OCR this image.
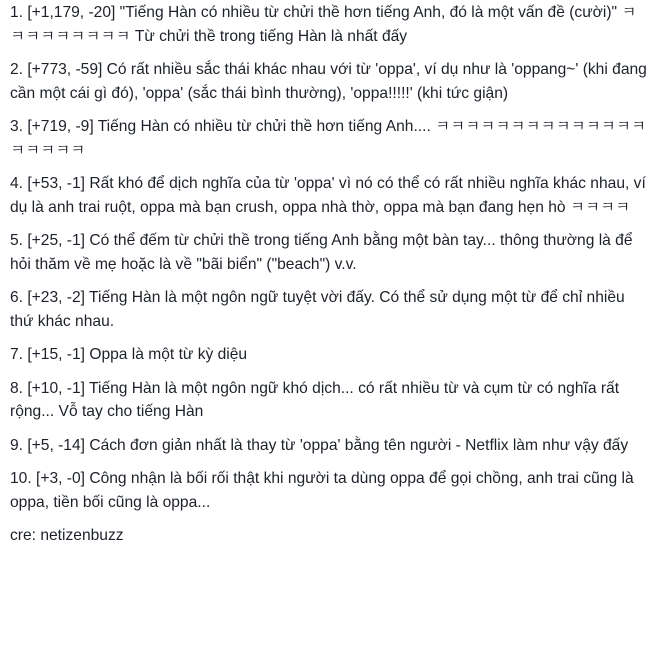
1. [+1,179, -20] "Tiếng Hàn có nhiều từ chửi thề hơn tiếng Anh, đó là một vấn đề (cười)" ㅋㅋㅋㅋㅋㅋㅋㅋㅋ Từ chửi thề trong tiếng Hàn là nhất đấy

2. [+773, -59] Có rất nhiều sắc thái khác nhau với từ 'oppa', ví dụ như là 'oppang~' (khi đang cần một cái gì đó), 'oppa' (sắc thái bình thường), 'oppa!!!!!' (khi tức giận)

3. [+719, -9] Tiếng Hàn có nhiều từ chửi thề hơn tiếng Anh.... ㅋㅋㅋㅋㅋㅋㅋㅋㅋㅋㅋㅋㅋㅋㅋㅋㅋㅋㅋ

4. [+53, -1] Rất khó để dịch nghĩa của từ 'oppa' vì nó có thể có rất nhiều nghĩa khác nhau, ví dụ là anh trai ruột, oppa mà bạn crush, oppa nhà thờ, oppa mà bạn đang hẹn hò ㅋㅋㅋㅋ

5. [+25, -1] Có thể đếm từ chửi thề trong tiếng Anh bằng một bàn tay... thông thường là để hỏi thăm về mẹ hoặc là về "bãi biển" ("beach") v.v.

6. [+23, -2] Tiếng Hàn là một ngôn ngữ tuyệt vời đấy. Có thể sử dụng một từ để chỉ nhiều thứ khác nhau.

7. [+15, -1] Oppa là một từ kỳ diệu

8. [+10, -1] Tiếng Hàn là một ngôn ngữ khó dịch... có rất nhiều từ và cụm từ có nghĩa rất rộng... Vỗ tay cho tiếng Hàn

9. [+5, -14] Cách đơn giản nhất là thay từ 'oppa' bằng tên người - Netflix làm như vậy đấy

10. [+3, -0] Công nhận là bối rối thật khi người ta dùng oppa để gọi chồng, anh trai cũng là oppa, tiền bối cũng là oppa...

cre: netizenbuzz
